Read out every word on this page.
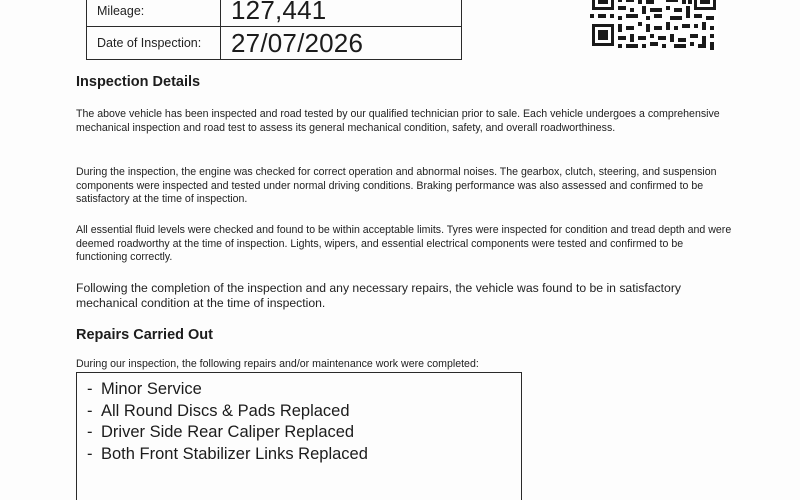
Mileage:	127,441
Date of Inspection:	27/07/2026
Inspection Details

The above vehicle has been inspected and road tested by our qualified technician prior to sale. Each vehicle undergoes a comprehensive mechanical inspection and road test to assess its general mechanical condition, safety, and overall roadworthiness.

During the inspection, the engine was checked for correct operation and abnormal noises. The gearbox, clutch, steering, and suspension components were inspected and tested under normal driving conditions. Braking performance was also assessed and confirmed to be satisfactory at the time of inspection.

All essential fluid levels were checked and found to be within acceptable limits. Tyres were inspected for condition and tread depth and were deemed roadworthy at the time of inspection. Lights, wipers, and essential electrical components were tested and confirmed to be functioning correctly.

Following the completion of the inspection and any necessary repairs, the vehicle was found to be in satisfactory mechanical condition at the time of inspection.

Repairs Carried Out

During our inspection, the following repairs and/or maintenance work were completed:

- Minor Service
- All Round Discs & Pads Replaced
- Driver Side Rear Caliper Replaced
- Both Front Stabilizer Links Replaced
